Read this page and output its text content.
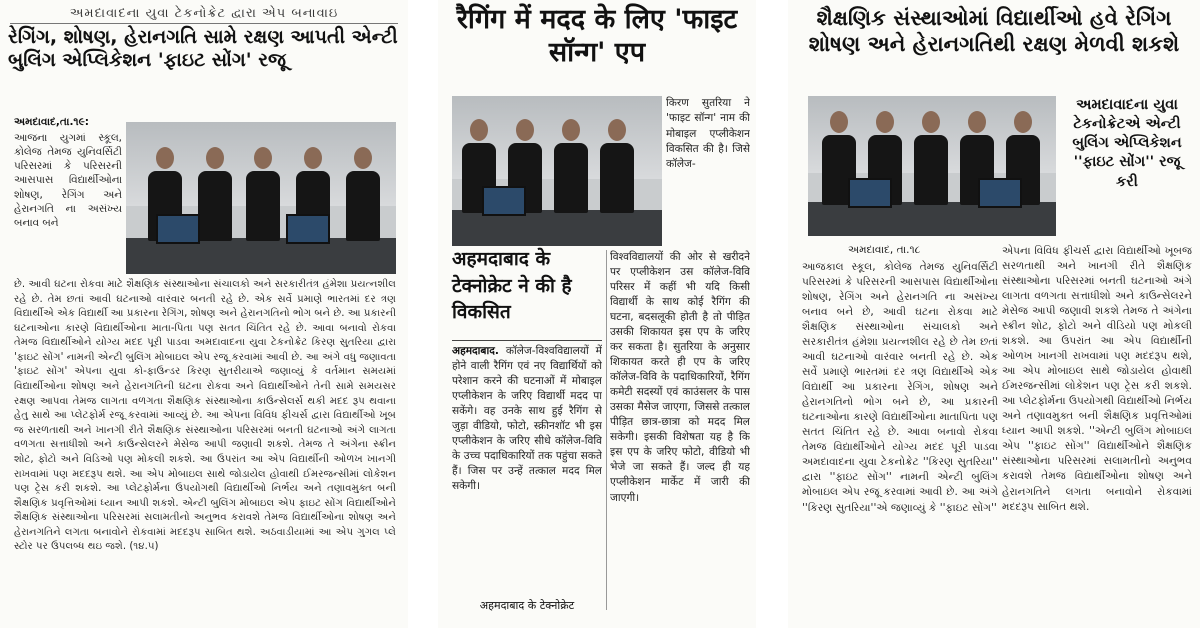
અમદાવાદના યુવા ટેકનોક્રેટ દ્વારા એપ બનાવાઇ
રેગિંગ, શોષણ, હેરાનગતિ સામે રક્ષણ આપતી એન્ટી બુલિંગ એપ્લિકેશન 'ફાઇટ સોંગ' રજૂ
અમદાવાદ,તા.૧૯:
આજના યુગમાં સ્કૂલ, કોલેજ તેમજ યુનિવર્સિટી પરિસરમાં કે પરિસરની આસપાસ વિદ્યાર્થીઓના શોષણ, રેગિંગ અને હેરાનગતિ ના અસંખ્ય બનાવ બને
છે. આવી ઘટના રોકવા માટે શૈક્ષણિક સંસ્થાઓના સંચાલકો અને સરકારીતંત્ર હંમેશા પ્રયત્નશીલ રહે છે. તેમ છતાં આવી ઘટનાઓ વારંવાર બનતી રહે છે. એક સર્વે પ્રમાણે ભારતમાં દર ત્રણ વિદ્યાર્થીએ એક વિદ્યાર્થી આ પ્રકારના રેગિંગ, શોષણ અને હેરાનગતિનો ભોગ બને છે. આ પ્રકારની ઘટનાઓના કારણે વિદ્યાર્થીઓના માતા-પિતા પણ સતત ચિંતિત રહે છે. આવા બનાવો રોકવા તેમજ વિદ્યાર્થીઓને યોગ્ય મદદ પૂરી પાડવા અમદાવાદના યુવા ટેકનોક્રેટ કિરણ સુતરિયા દ્વારા 'ફાઇટ સોંગ' નામની એન્ટી બુલિંગ મોબાઇલ એપ રજૂ કરવામાં આવી છે. આ અંગે વધુ જણાવતા 'ફાઇટ સોંગ' એપના યુવા કો-ફાઉન્ડર કિરણ સુતરીયાએ જણાવ્યું કે વર્તમાન સમયમાં વિદ્યાર્થીઓના શોષણ અને હેરાનગતિની ઘટના રોકવા અને વિદ્યાર્થીઓને તેની સામે સમયસર રક્ષણ આપવા તેમજ લાગતા વળગતા શૈક્ષણિક સંસ્થાઓના કાઉન્સેલર્સ થકી મદદ રૂપ થવાના હેતુ સાથે આ પ્લેટફોર્મ રજૂ કરવામાં આવ્યું છે. આ એપના વિવિધ ફીચર્સ દ્વારા વિદ્યાર્થીઓ ખૂબ જ સરળતાથી અને ખાનગી રીતે શૈક્ષણિક સંસ્થાઓના પરિસરમાં બનતી ઘટનાઓ અંગે લાગતા વળગતા સત્તાધીશો અને કાઉન્સેલરને મેસેજ આપી જણાવી શકશે. તેમજ તે અંગેના સ્ક્રીન શોટ, ફોટો અને વિડિઓ પણ મોકલી શકશે. આ ઉપરાંત આ એપ વિદ્યાર્થીની ઓળખ ખાનગી રાખવામાં પણ મદદરૂપ થશે. આ એપ મોબાઇલ સાથે જોડાયેલ હોવાથી ઈમરજન્સીમાં લોકેશન પણ ટ્રેસ કરી શકશે. આ પ્લેટફોર્મના ઉપયોગથી વિદ્યાર્થીઓ નિર્ભય અને તણાવમુક્ત બની શૈક્ષણિક પ્રવૃત્તિઓમાં ધ્યાન આપી શકશે. એન્ટી બુલિંગ મોબાઇલ એપ ફાઇટ સોંગ વિદ્યાર્થીઓને શૈક્ષણિક સંસ્થાઓના પરિસરમાં સલામતીનો અનુભવ કરાવશે તેમજ વિદ્યાર્થીઓના શોષણ અને હેરાનગતિને લગતા બનાવોને રોકવામાં મદદરૂપ સાબિત થશે. અઠવાડીયામાં આ એપ ગુગલ પ્લે સ્ટોર પર ઉપલબ્ધ થઇ જશે. (૧૪.૫)
रैगिंग में मदद के लिए 'फाइट सॉन्ग' एप
किरण सुतरिया ने 'फाइट सॉन्ग' नाम की मोबाइल एप्लीकेशन विकसित की है। जिसे कॉलेज-
अहमदाबाद के टेक्नोक्रेट ने की है विकसित
अहमदाबाद. कॉलेज-विश्वविद्यालयों में होने वाली रैगिंग एवं नए विद्यार्थियों को परेशान करने की घटनाओं में मोबाइल एप्लीकेशन के जरिए विद्यार्थी मदद पा सकेंगे। वह उनके साथ हुई रैगिंग से जुड़ा वीडियो, फोटो, स्क्रीनशॉट भी इस एप्लीकेशन के जरिए सीधे कॉलेज-विवि के उच्च पदाधिकारियों तक पहुंचा सकते हैं। जिस पर उन्हें तत्काल मदद मिल सकेगी।
विश्वविद्यालयों की ओर से खरीदने पर एप्लीकेशन उस कॉलेज-विवि परिसर में कहीं भी यदि किसी विद्यार्थी के साथ कोई रैगिंग की घटना, बदसलूकी होती है तो पीड़ित उसकी शिकायत इस एप के जरिए कर सकता है। सुतरिया के अनुसार शिकायत करते ही एप के जरिए कॉलेज-विवि के पदाधिकारियों, रैगिंग कमेटी सदस्यों एवं काउंसलर के पास उसका मैसेज जाएगा, जिससे तत्काल पीड़ित छात्र-छात्रा को मदद मिल सकेगी। इसकी विशेषता यह है कि इस एप के जरिए फोटो, वीडियो भी भेजे जा सकते हैं। जल्द ही यह एप्लीकेशन मार्केट में जारी की जाएगी।
अहमदाबाद के टेक्नोक्रेट
શૈક્ષણિક સંસ્થાઓમાં વિદ્યાર્થીઓ હવે રેગિંગ શોષણ અને હેરાનગતિથી રક્ષણ મેળવી શકશે
અમદાવાદના યુવા ટેકનોક્રેટએ એન્ટી બુલિંગ એપ્લિકેશન ''ફાઇટ સોંગ'' રજૂ કરી
અમદાવાદ, તા.૧૮
આજકાલ સ્કૂલ, કોલેજ તેમજ યુનિવર્સિટી પરિસરમાં કે પરિસરની આસપાસ વિદ્યાર્થીઓના શોષણ, રેગિંગ અને હેરાનગતિ ના અસંખ્ય બનાવ બને છે, આવી ઘટના રોકવા માટે શૈક્ષણિક સંસ્થાઓના સંચાલકો અને સરકારીતંત્ર હંમેશા પ્રયત્નશીલ રહે છે તેમ છતાં આવી ઘટનાઓ વારંવાર બનતી રહે છે. એક સર્વે પ્રમાણે ભારતમાં દર ત્રણ વિદ્યાર્થીએ એક વિદ્યાર્થી આ પ્રકારના રેગિંગ, શોષણ અને હેરાનગતિનો ભોગ બને છે, આ પ્રકારની ઘટનાઓના કારણે વિદ્યાર્થીઓના માતાપિતા પણ સતત ચિંતિત રહે છે. આવા બનાવો રોકવા તેમજ વિદ્યાર્થીઓને યોગ્ય મદદ પૂરી પાડવા અમદાવાદના યુવા ટેકનોક્રેટ ''કિરણ સુતરિયા'' દ્વારા ''ફાઇટ સોંગ'' નામની એન્ટી બુલિંગ મોબાઇલ એપ રજૂ કરવામાં આવી છે. આ અંગે ''કિરણ સુતરિયા''એ જણાવ્યું કે ''ફાઇટ સોંગ''
એપના વિવિધ ફીચર્સ દ્વારા વિદ્યાર્થીઓ ખૂબજ સરળતાથી અને ખાનગી રીતે શૈક્ષણિક સંસ્થાઓના પરિસરમાં બનતી ઘટનાઓ અંગે લાગતા વળગતા સત્તાધીશો અને કાઉન્સેલરને મેસેજ આપી જણાવી શકશે તેમજ તે અંગેના સ્ક્રીન શોટ, ફોટો અને વીડિયો પણ મોકલી શકશે. આ ઉપરાંત આ એપ વિદ્યાર્થીની ઓળખ ખાનગી રાખવામાં પણ મદદરૂપ થશે, આ એપ મોબાઇલ સાથે જોડાયેલ હોવાથી ઈમરજન્સીમાં લોકેશન પણ ટ્રેસ કરી શકશે. આ પ્લેટફોર્મના ઉપયોગથી વિદ્યાર્થીઓ નિર્ભય અને તણાવમુક્ત બની શૈક્ષણિક પ્રવૃત્તિઓમાં ધ્યાન આપી શકશે. ''એન્ટી બુલિંગ મોબાઇલ એપ ''ફાઇટ સોંગ'' વિદ્યાર્થીઓને શૈક્ષણિક સંસ્થાઓના પરિસરમાં સલામતીનો અનુભવ કરાવશે તેમજ વિદ્યાર્થીઓના શોષણ અને હેરાનગતિને લગતા બનાવોને રોકવામાં મદદરૂપ સાબિત થશે.
